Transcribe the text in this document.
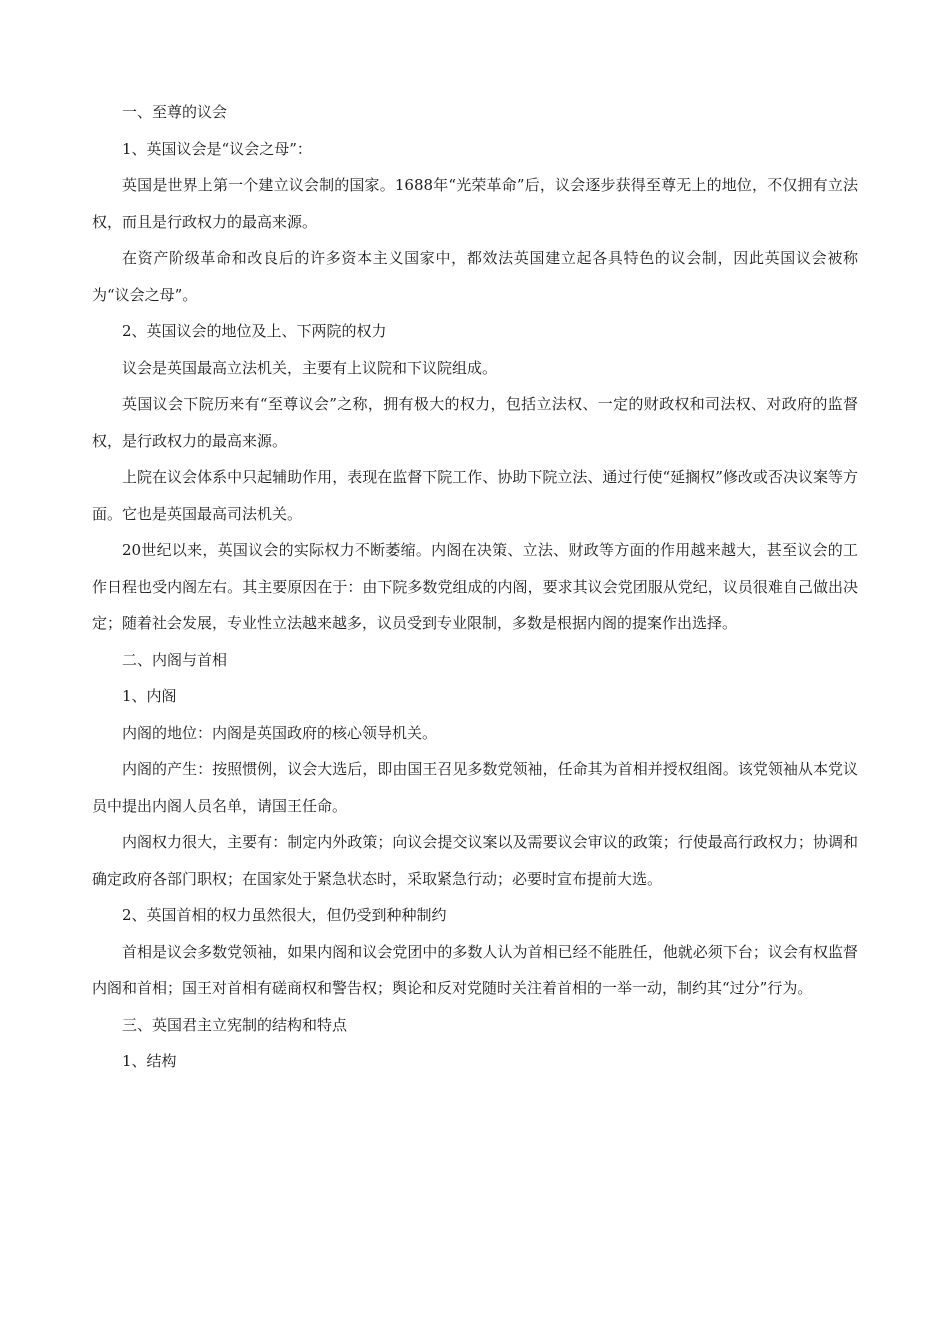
一、至尊的议会

1、英国议会是“议会之母”：

英国是世界上第一个建立议会制的国家。1688年“光荣革命”后，议会逐步获得至尊无上的地位，不仅拥有立法权，而且是行政权力的最高来源。

在资产阶级革命和改良后的许多资本主义国家中，都效法英国建立起各具特色的议会制，因此英国议会被称为“议会之母”。

2、英国议会的地位及上、下两院的权力

议会是英国最高立法机关，主要有上议院和下议院组成。

英国议会下院历来有“至尊议会”之称，拥有极大的权力，包括立法权、一定的财政权和司法权、对政府的监督权，是行政权力的最高来源。

上院在议会体系中只起辅助作用，表现在监督下院工作、协助下院立法、通过行使“延搁权”修改或否决议案等方面。它也是英国最高司法机关。

20世纪以来，英国议会的实际权力不断萎缩。内阁在决策、立法、财政等方面的作用越来越大，甚至议会的工作日程也受内阁左右。其主要原因在于：由下院多数党组成的内阁，要求其议会党团服从党纪，议员很难自己做出决定；随着社会发展，专业性立法越来越多，议员受到专业限制，多数是根据内阁的提案作出选择。

二、内阁与首相

1、内阁

内阁的地位：内阁是英国政府的核心领导机关。

内阁的产生：按照惯例，议会大选后，即由国王召见多数党领袖，任命其为首相并授权组阁。该党领袖从本党议员中提出内阁人员名单，请国王任命。

内阁权力很大，主要有：制定内外政策；向议会提交议案以及需要议会审议的政策；行使最高行政权力；协调和确定政府各部门职权；在国家处于紧急状态时，采取紧急行动；必要时宣布提前大选。

2、英国首相的权力虽然很大，但仍受到种种制约

首相是议会多数党领袖，如果内阁和议会党团中的多数人认为首相已经不能胜任，他就必须下台；议会有权监督内阁和首相；国王对首相有磋商权和警告权；舆论和反对党随时关注着首相的一举一动，制约其“过分”行为。

三、英国君主立宪制的结构和特点

1、结构
